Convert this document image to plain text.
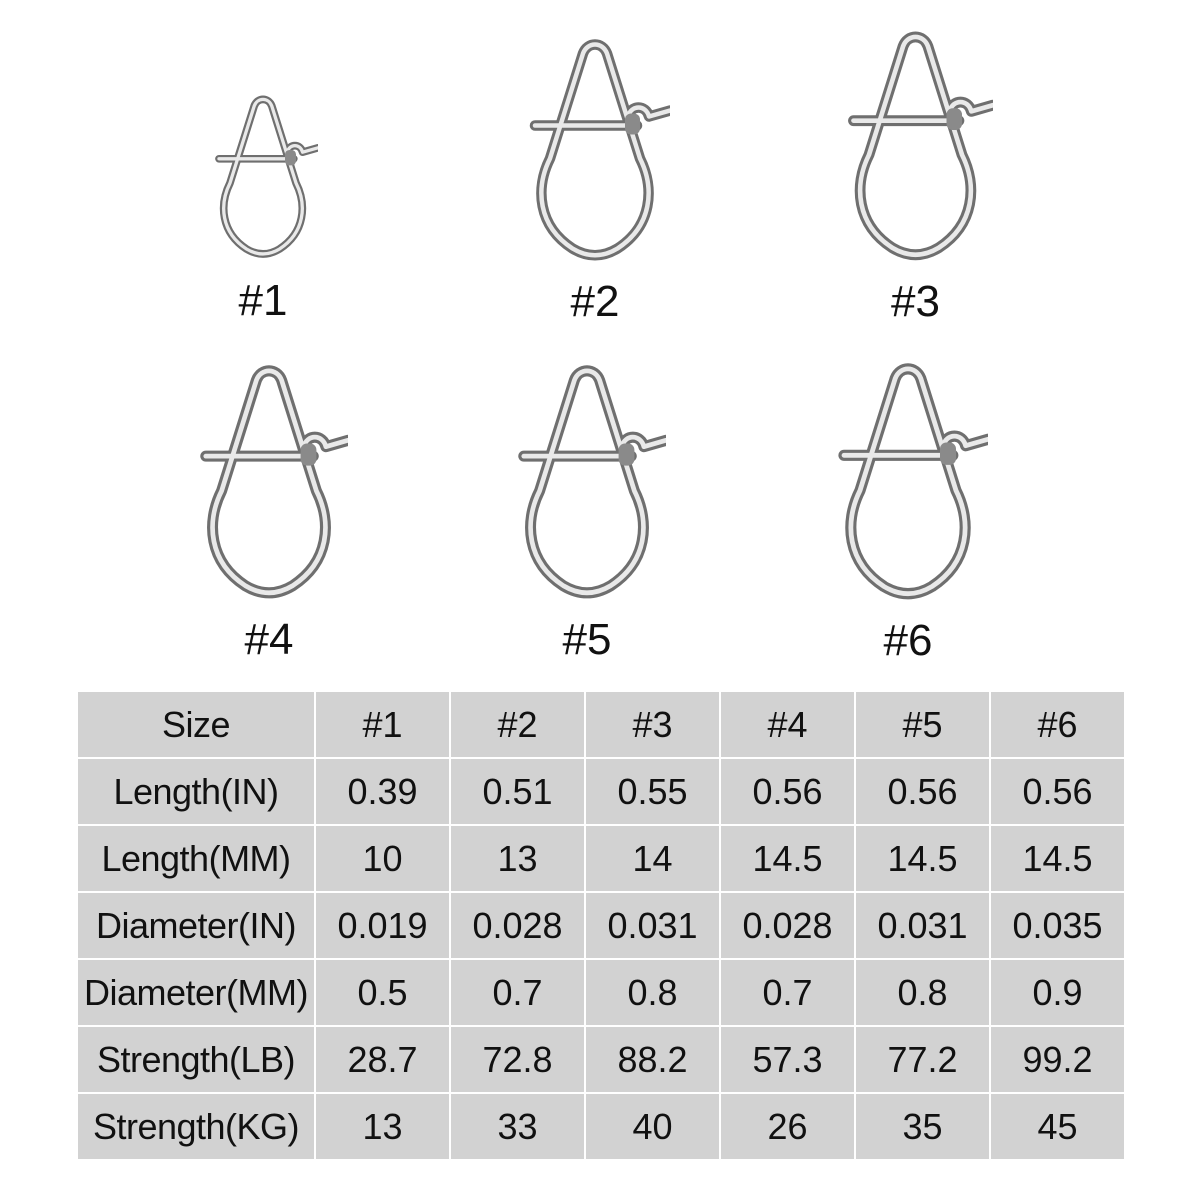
#1	#2	#3
#4	#5	#6
Size	#1	#2	#3	#4	#5	#6
Length(IN)	0.39	0.51	0.55	0.56	0.56	0.56
Length(MM)	10	13	14	14.5	14.5	14.5
Diameter(IN)	0.019	0.028	0.031	0.028	0.031	0.035
Diameter(MM)	0.5	0.7	0.8	0.7	0.8	0.9
Strength(LB)	28.7	72.8	88.2	57.3	77.2	99.2
Strength(KG)	13	33	40	26	35	45
